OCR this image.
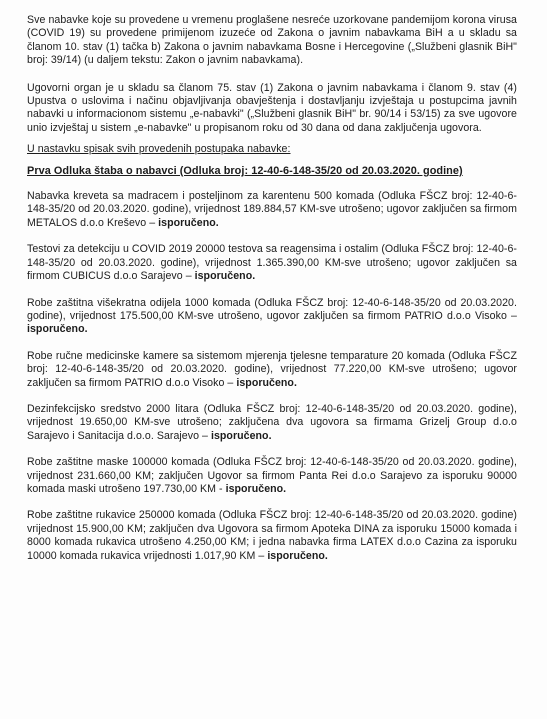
Sve nabavke koje su provedene u vremenu proglašene nesreće uzorkovane pandemijom korona virusa (COVID 19) su provedene primijenom izuzeće od Zakona o javnim nabavkama BiH a u skladu sa članom 10. stav (1) tačka b) Zakona o javnim nabavkama Bosne i Hercegovine („Službeni glasnik BiH" broj: 39/14) (u daljem tekstu: Zakon o javnim nabavkama).

Ugovorni organ je u skladu sa članom 75. stav (1) Zakona o javnim nabavkama i članom 9. stav (4) Upustva o uslovima i načinu objavljivanja obavještenja i dostavljanju izvještaja u postupcima javnih nabavki u informacionom sistemu „e-nabavki" („Službeni glasnik BiH" br. 90/14 i 53/15) za sve ugovore unio izvještaj u sistem „e-nabavke" u propisanom roku od 30 dana od dana zaključenja ugovora.

U nastavku spisak svih provedenih postupaka nabavke:

Prva Odluka štaba o nabavci (Odluka broj: 12-40-6-148-35/20 od 20.03.2020. godine)

Nabavka kreveta sa madracem i posteljinom za karentenu 500 komada (Odluka FŠCZ broj: 12-40-6-148-35/20 od 20.03.2020. godine), vrijednost 189.884,57 KM-sve utrošeno; ugovor zaključen sa firmom METALOS d.o.o Kreševo – isporučeno.

Testovi za detekciju u COVID 2019 20000 testova sa reagensima i ostalim (Odluka FŠCZ broj: 12-40-6-148-35/20 od 20.03.2020. godine), vrijednost 1.365.390,00 KM-sve utrošeno; ugovor zaključen sa firmom CUBICUS d.o.o Sarajevo – isporučeno.

Robe zaštitna višekratna odijela 1000 komada (Odluka FŠCZ broj: 12-40-6-148-35/20 od 20.03.2020. godine), vrijednost 175.500,00 KM-sve utrošeno, ugovor zaključen sa firmom PATRIO d.o.o Visoko – isporučeno.

Robe ručne medicinske kamere sa sistemom mjerenja tjelesne temparature 20 komada (Odluka FŠCZ broj: 12-40-6-148-35/20 od 20.03.2020. godine), vrijednost 77.220,00 KM-sve utrošeno; ugovor zaključen sa firmom PATRIO d.o.o Visoko – isporučeno.

Dezinfekcijsko sredstvo 2000 litara (Odluka FŠCZ broj: 12-40-6-148-35/20 od 20.03.2020. godine), vrijednost 19.650,00 KM-sve utrošeno; zaključena dva ugovora sa firmama Grizelj Group d.o.o Sarajevo i Sanitacija d.o.o. Sarajevo – isporučeno.

Robe zaštitne maske 100000 komada (Odluka FŠCZ broj: 12-40-6-148-35/20 od 20.03.2020. godine), vrijednost 231.660,00 KM; zaključen Ugovor sa firmom Panta Rei d.o.o Sarajevo za isporuku 90000 komada maski utrošeno 197.730,00 KM - isporučeno.

Robe zaštitne rukavice 250000 komada (Odluka FŠCZ broj: 12-40-6-148-35/20 od 20.03.2020. godine) vrijednost 15.900,00 KM; zaključen dva Ugovora sa firmom Apoteka DINA za isporuku 15000 komada i 8000 komada rukavica utrošeno 4.250,00 KM; i jedna nabavka firma LATEX d.o.o Cazina za isporuku 10000 komada rukavica vrijednosti 1.017,90 KM – isporučeno.
